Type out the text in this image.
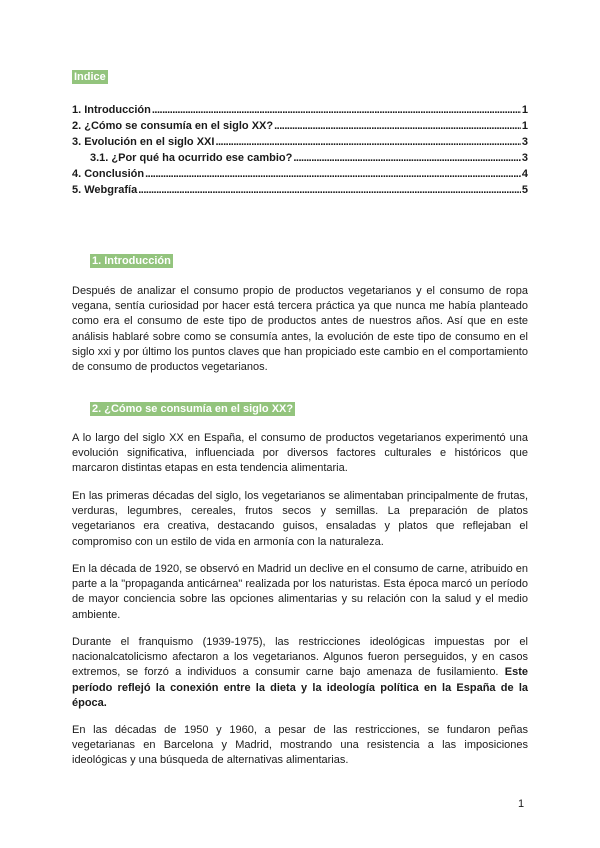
Indice
1. Introducción .....	1
2. ¿Cómo se consumía en el siglo XX? .....	1
3. Evolución en el siglo XXI .....	3
3.1. ¿Por qué ha ocurrido ese cambio? .....	3
4. Conclusión .....	4
5. Webgrafía .....	5
1. Introducción

Después de analizar el consumo propio de productos vegetarianos y el consumo de ropa vegana, sentía curiosidad por hacer está tercera práctica ya que nunca me había planteado como era el consumo de este tipo de productos antes de nuestros años. Así que en este análisis hablaré sobre como se consumía antes, la evolución de este tipo de consumo en el siglo xxi y por último los puntos claves que han propiciado este cambio en el comportamiento de consumo de productos vegetarianos.

2. ¿Cómo se consumía en el siglo XX?

A lo largo del siglo XX en España, el consumo de productos vegetarianos experimentó una evolución significativa, influenciada por diversos factores culturales e históricos que marcaron distintas etapas en esta tendencia alimentaria.

En las primeras décadas del siglo, los vegetarianos se alimentaban principalmente de frutas, verduras, legumbres, cereales, frutos secos y semillas. La preparación de platos vegetarianos era creativa, destacando guisos, ensaladas y platos que reflejaban el compromiso con un estilo de vida en armonía con la naturaleza.

En la década de 1920, se observó en Madrid un declive en el consumo de carne, atribuido en parte a la "propaganda anticárnea" realizada por los naturistas. Esta época marcó un período de mayor conciencia sobre las opciones alimentarias y su relación con la salud y el medio ambiente.

Durante el franquismo (1939-1975), las restricciones ideológicas impuestas por el nacionalcatolicismo afectaron a los vegetarianos. Algunos fueron perseguidos, y en casos extremos, se forzó a individuos a consumir carne bajo amenaza de fusilamiento. Este período reflejó la conexión entre la dieta y la ideología política en la España de la época.

En las décadas de 1950 y 1960, a pesar de las restricciones, se fundaron peñas vegetarianas en Barcelona y Madrid, mostrando una resistencia a las imposiciones ideológicas y una búsqueda de alternativas alimentarias.

1
